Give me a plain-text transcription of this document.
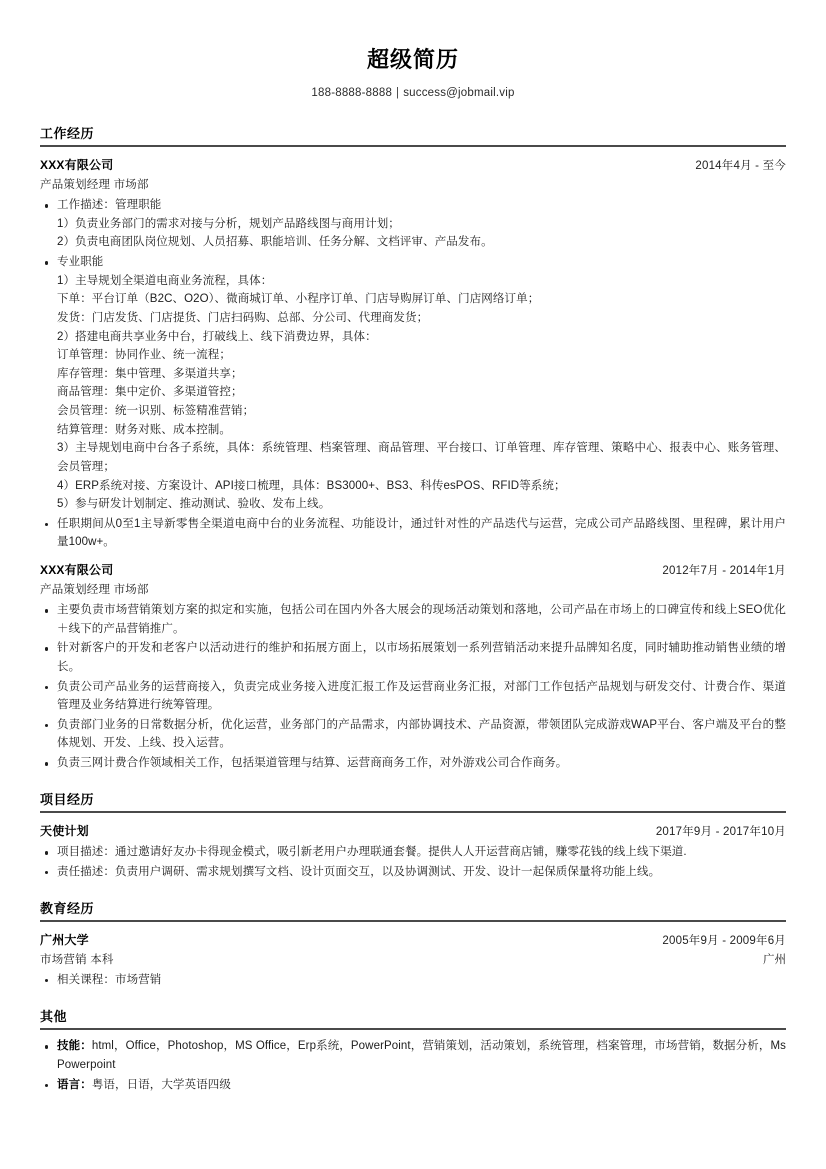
超级简历
188-8888-8888 | success@jobmail.vip
工作经历
XXX有限公司	2014年4月 - 至今
产品策划经理 市场部
工作描述：管理职能
1）负责业务部门的需求对接与分析，规划产品路线图与商用计划；
2）负责电商团队岗位规划、人员招募、职能培训、任务分解、文档评审、产品发布。
专业职能
1）主导规划全渠道电商业务流程，具体：
下单：平台订单（B2C、O2O）、微商城订单、小程序订单、门店导购屏订单、门店网络订单；
发货：门店发货、门店提货、门店扫码购、总部、分公司、代理商发货；
2）搭建电商共享业务中台，打破线上、线下消费边界，具体：
订单管理：协同作业、统一流程；
库存管理：集中管理、多渠道共享；
商品管理：集中定价、多渠道管控；
会员管理：统一识别、标签精准营销；
结算管理：财务对账、成本控制。
3）主导规划电商中台各子系统，具体：系统管理、档案管理、商品管理、平台接口、订单管理、库存管理、策略中心、报表中心、账务管理、会员管理；
4）ERP系统对接、方案设计、API接口梳理，具体：BS3000+、BS3、科传esPOS、RFID等系统；
5）参与研发计划制定、推动测试、验收、发布上线。
任职期间从0至1主导新零售全渠道电商中台的业务流程、功能设计，通过针对性的产品迭代与运营，完成公司产品路线图、里程碑，累计用户量100w+。
XXX有限公司	2012年7月 - 2014年1月
产品策划经理 市场部
主要负责市场营销策划方案的拟定和实施，包括公司在国内外各大展会的现场活动策划和落地，公司产品在市场上的口碑宣传和线上SEO优化＋线下的产品营销推广。
针对新客户的开发和老客户以活动进行的维护和拓展方面上，以市场拓展策划一系列营销活动来提升品牌知名度，同时辅助推动销售业绩的增长。
负责公司产品业务的运营商接入，负责完成业务接入进度汇报工作及运营商业务汇报，对部门工作包括产品规划与研发交付、计费合作、渠道管理及业务结算进行统筹管理。
负责部门业务的日常数据分析，优化运营，业务部门的产品需求，内部协调技术、产品资源，带领团队完成游戏WAP平台、客户端及平台的整体规划、开发、上线、投入运营。
负责三网计费合作领域相关工作，包括渠道管理与结算、运营商商务工作，对外游戏公司合作商务。
项目经历
天使计划	2017年9月 - 2017年10月
项目描述：通过邀请好友办卡得现金模式，吸引新老用户办理联通套餐。提供人人开运营商店铺，赚零花钱的线上线下渠道.
责任描述：负责用户调研、需求规划撰写文档、设计页面交互，以及协调测试、开发、设计一起保质保量将功能上线。
教育经历
广州大学	2005年9月 - 2009年6月
市场营销 本科	广州
相关课程：市场营销
其他
技能：html，Office，Photoshop，MS Office，Erp系统，PowerPoint，营销策划，活动策划，系统管理，档案管理，市场营销，数据分析，Ms Powerpoint
语言：粤语，日语，大学英语四级
